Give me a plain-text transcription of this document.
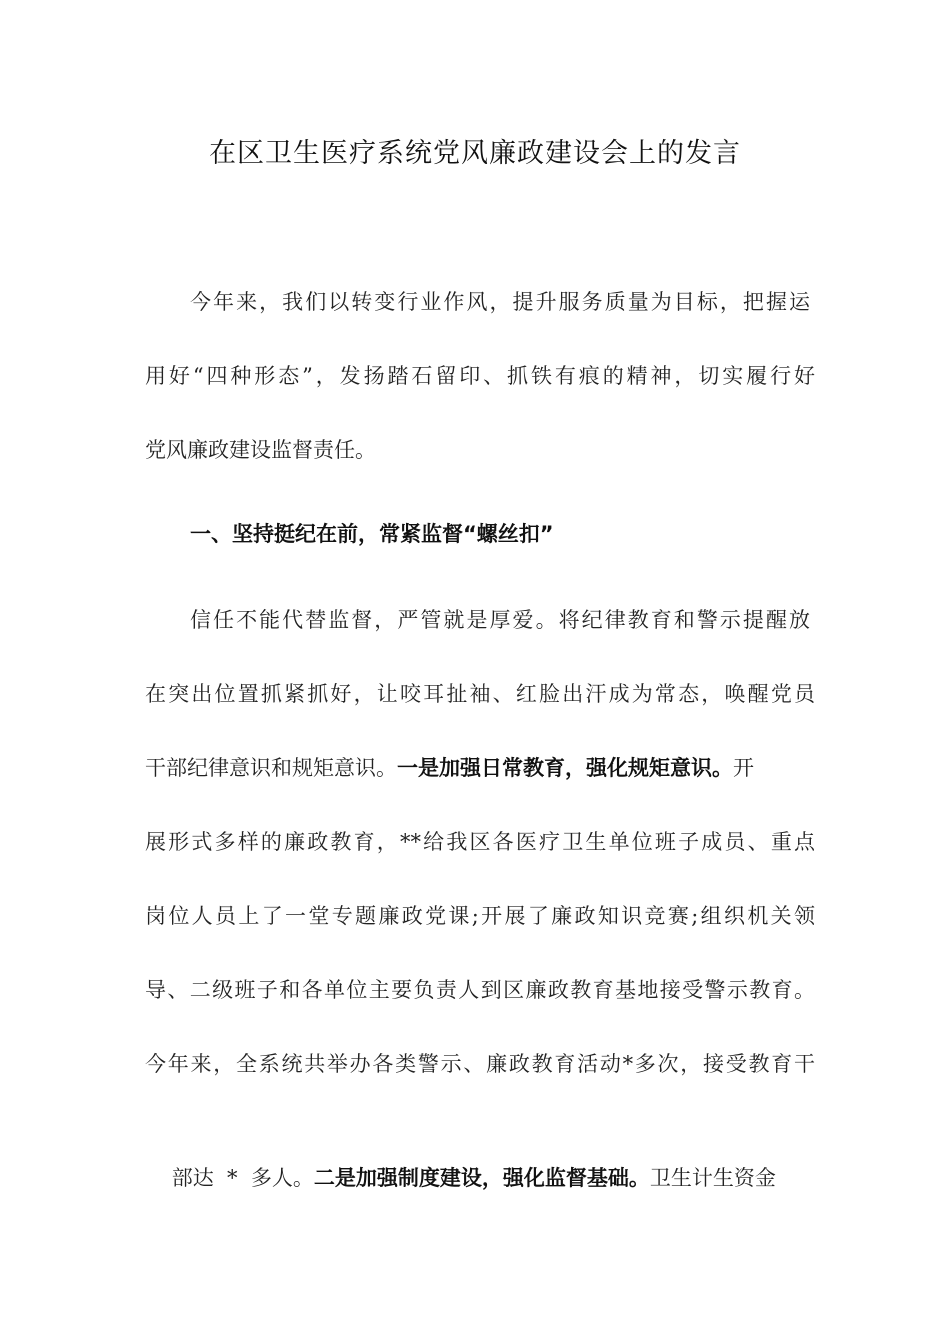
在区卫生医疗系统党风廉政建设会上的发言
今年来，我们以转变行业作风，提升服务质量为目标，把握运
用好“四种形态”，发扬踏石留印、抓铁有痕的精神，切实履行好
党风廉政建设监督责任。
一、坚持挺纪在前，常紧监督“螺丝扣”
信任不能代替监督，严管就是厚爱。将纪律教育和警示提醒放
在突出位置抓紧抓好，让咬耳扯袖、红脸出汗成为常态，唤醒党员
干部纪律意识和规矩意识。一是加强日常教育，强化规矩意识。开
展形式多样的廉政教育，**给我区各医疗卫生单位班子成员、重点
岗位人员上了一堂专题廉政党课;开展了廉政知识竞赛;组织机关领
导、二级班子和各单位主要负责人到区廉政教育基地接受警示教育。
今年来，全系统共举办各类警示、廉政教育活动*多次，接受教育干

部达  *  多人。二是加强制度建设，强化监督基础。卫生计生资金
